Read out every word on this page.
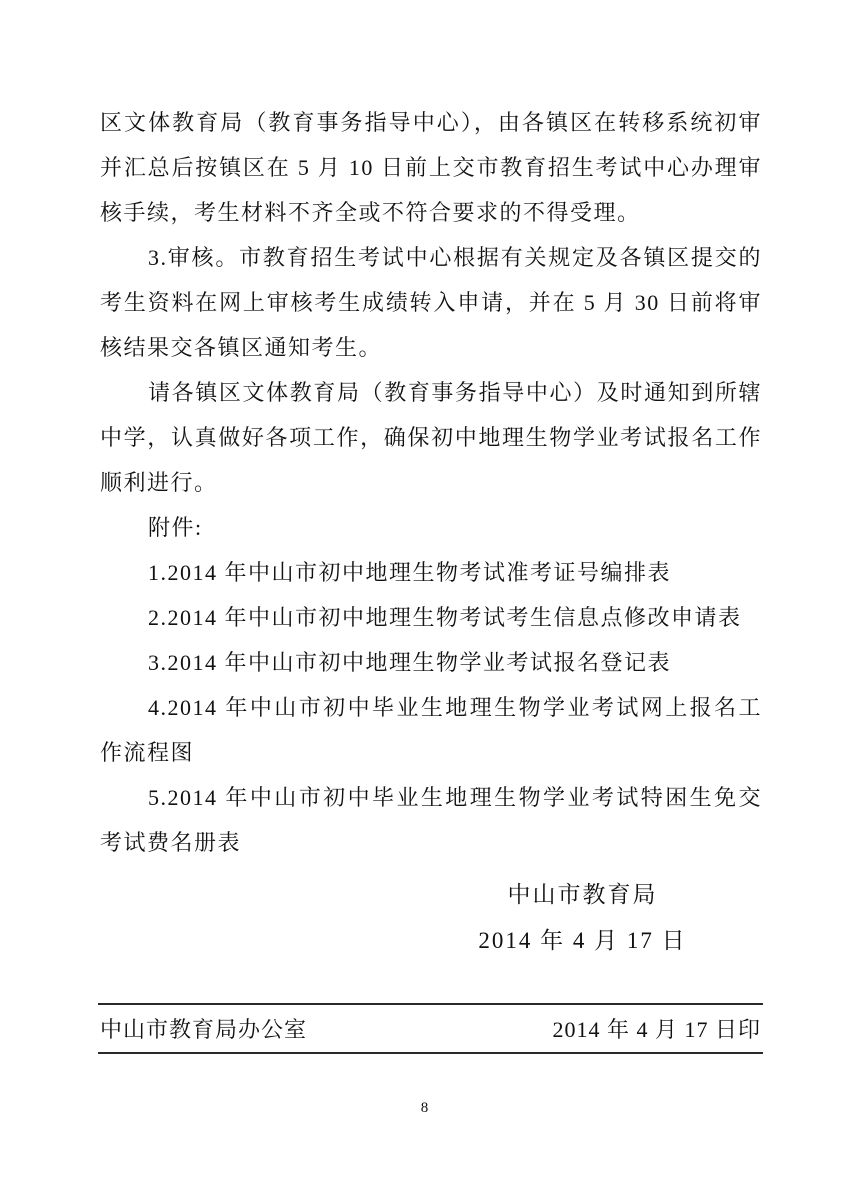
区文体教育局（教育事务指导中心），由各镇区在转移系统初审并汇总后按镇区在 5 月 10 日前上交市教育招生考试中心办理审核手续，考生材料不齐全或不符合要求的不得受理。

3.审核。市教育招生考试中心根据有关规定及各镇区提交的考生资料在网上审核考生成绩转入申请，并在 5 月 30 日前将审核结果交各镇区通知考生。

请各镇区文体教育局（教育事务指导中心）及时通知到所辖中学，认真做好各项工作，确保初中地理生物学业考试报名工作顺利进行。

附件:

1.2014 年中山市初中地理生物考试准考证号编排表

2.2014 年中山市初中地理生物考试考生信息点修改申请表

3.2014 年中山市初中地理生物学业考试报名登记表

4.2014 年中山市初中毕业生地理生物学业考试网上报名工作流程图

5.2014 年中山市初中毕业生地理生物学业考试特困生免交考试费名册表

中山市教育局
2014 年 4 月 17 日
中山市教育局办公室	2014 年 4 月 17 日印
8
